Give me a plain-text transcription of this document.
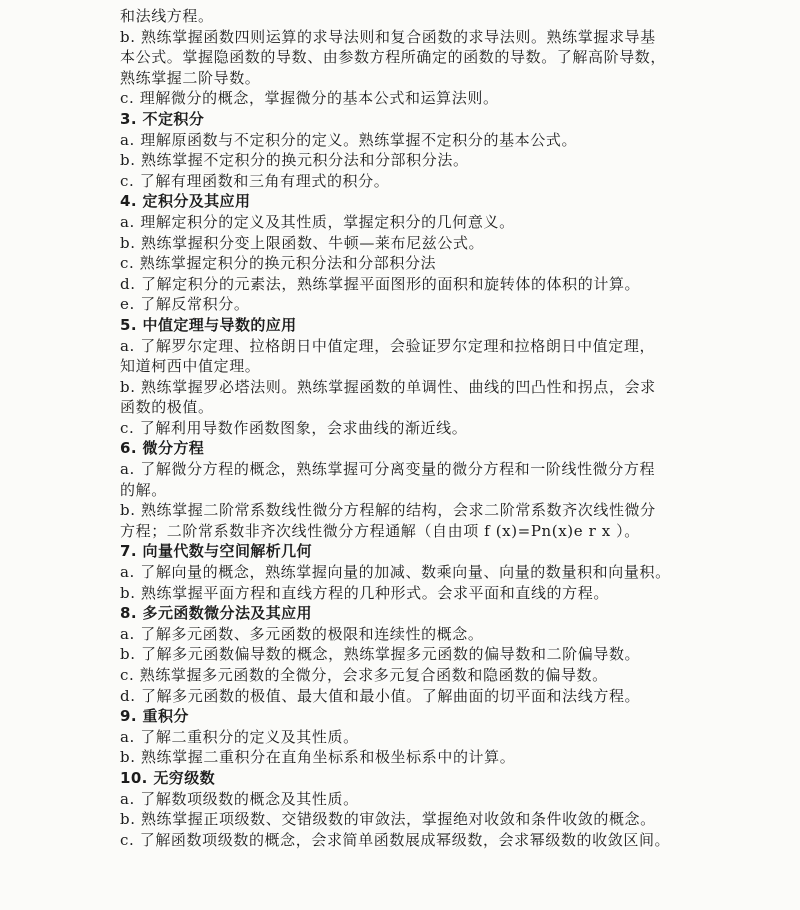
和法线方程。
b. 熟练掌握函数四则运算的求导法则和复合函数的求导法则。熟练掌握求导基
本公式。掌握隐函数的导数、由参数方程所确定的函数的导数。了解高阶导数，
熟练掌握二阶导数。
c. 理解微分的概念，掌握微分的基本公式和运算法则。
3. 不定积分
a. 理解原函数与不定积分的定义。熟练掌握不定积分的基本公式。
b. 熟练掌握不定积分的换元积分法和分部积分法。
c. 了解有理函数和三角有理式的积分。
4. 定积分及其应用
a. 理解定积分的定义及其性质，掌握定积分的几何意义。
b. 熟练掌握积分变上限函数、牛顿—莱布尼兹公式。
c. 熟练掌握定积分的换元积分法和分部积分法
d. 了解定积分的元素法，熟练掌握平面图形的面积和旋转体的体积的计算。
e. 了解反常积分。
5. 中值定理与导数的应用
a. 了解罗尔定理、拉格朗日中值定理，会验证罗尔定理和拉格朗日中值定理，
知道柯西中值定理。
b. 熟练掌握罗必塔法则。熟练掌握函数的单调性、曲线的凹凸性和拐点，会求
函数的极值。
c. 了解利用导数作函数图象，会求曲线的渐近线。
6. 微分方程
a. 了解微分方程的概念，熟练掌握可分离变量的微分方程和一阶线性微分方程
的解。
b. 熟练掌握二阶常系数线性微分方程解的结构，会求二阶常系数齐次线性微分
方程；二阶常系数非齐次线性微分方程通解（自由项 f (x)=Pn(x)e r x ）。
7. 向量代数与空间解析几何
a. 了解向量的概念，熟练掌握向量的加减、数乘向量、向量的数量积和向量积。
b. 熟练掌握平面方程和直线方程的几种形式。会求平面和直线的方程。
8. 多元函数微分法及其应用
a. 了解多元函数、多元函数的极限和连续性的概念。
b. 了解多元函数偏导数的概念，熟练掌握多元函数的偏导数和二阶偏导数。
c. 熟练掌握多元函数的全微分，会求多元复合函数和隐函数的偏导数。
d. 了解多元函数的极值、最大值和最小值。了解曲面的切平面和法线方程。
9. 重积分
a. 了解二重积分的定义及其性质。
b. 熟练掌握二重积分在直角坐标系和极坐标系中的计算。
10. 无穷级数
a. 了解数项级数的概念及其性质。
b. 熟练掌握正项级数、交错级数的审敛法，掌握绝对收敛和条件收敛的概念。
c. 了解函数项级数的概念，会求简单函数展成幂级数，会求幂级数的收敛区间。
